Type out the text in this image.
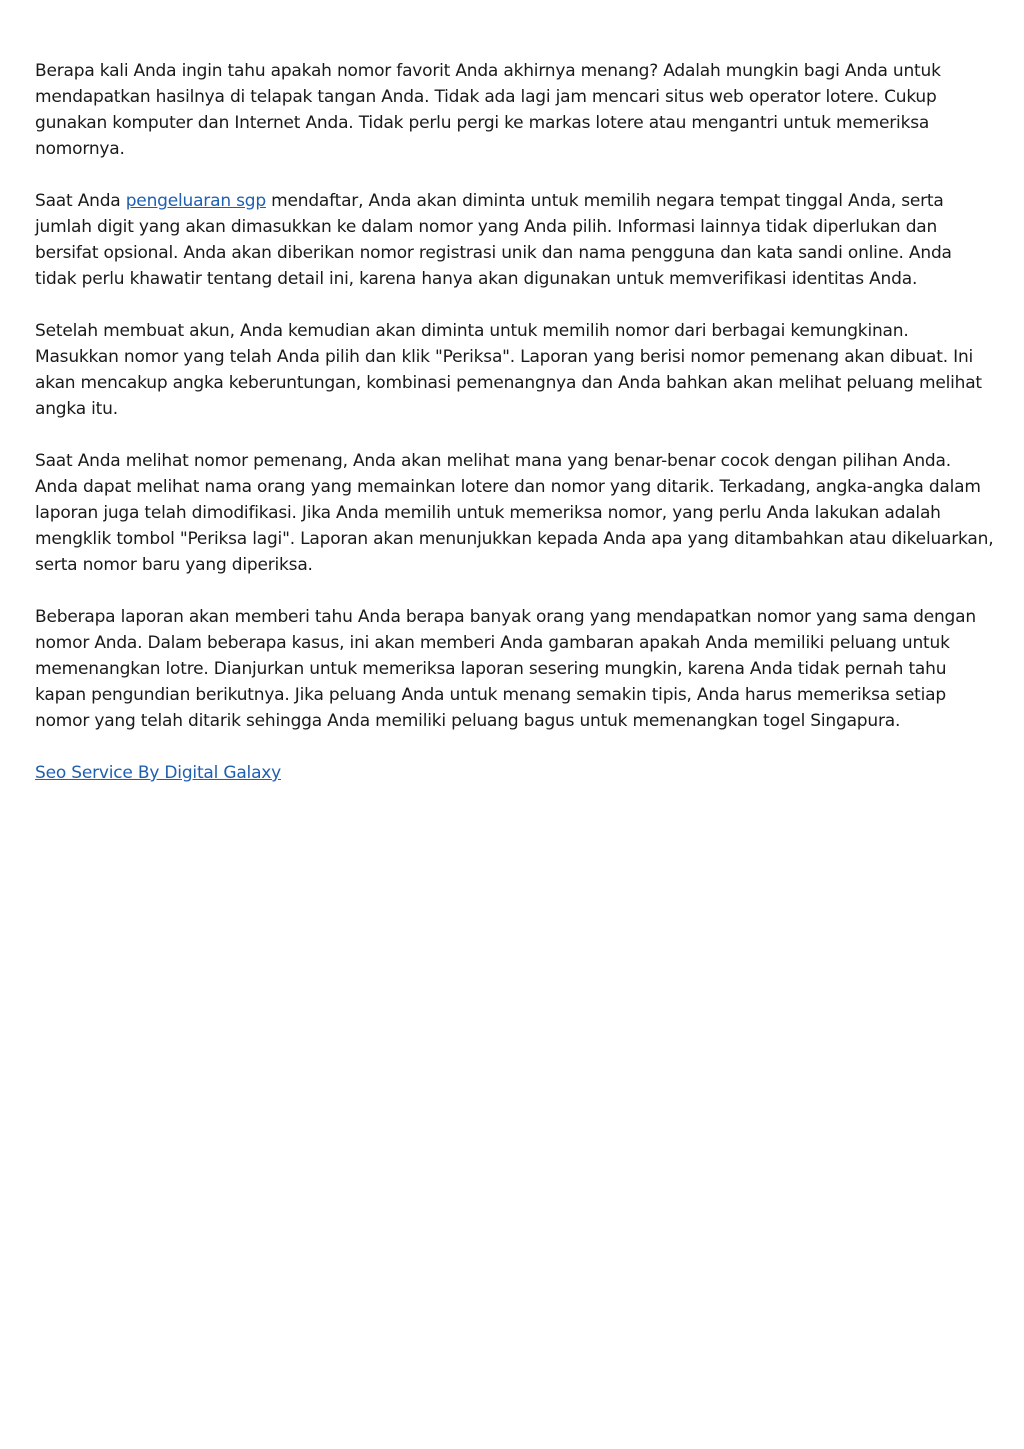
Berapa kali Anda ingin tahu apakah nomor favorit Anda akhirnya menang? Adalah mungkin bagi Anda untuk mendapatkan hasilnya di telapak tangan Anda. Tidak ada lagi jam mencari situs web operator lotere. Cukup gunakan komputer dan Internet Anda. Tidak perlu pergi ke markas lotere atau mengantri untuk memeriksa nomornya.

Saat Anda pengeluaran sgp mendaftar, Anda akan diminta untuk memilih negara tempat tinggal Anda, serta jumlah digit yang akan dimasukkan ke dalam nomor yang Anda pilih. Informasi lainnya tidak diperlukan dan bersifat opsional. Anda akan diberikan nomor registrasi unik dan nama pengguna dan kata sandi online. Anda tidak perlu khawatir tentang detail ini, karena hanya akan digunakan untuk memverifikasi identitas Anda.

Setelah membuat akun, Anda kemudian akan diminta untuk memilih nomor dari berbagai kemungkinan. Masukkan nomor yang telah Anda pilih dan klik "Periksa". Laporan yang berisi nomor pemenang akan dibuat. Ini akan mencakup angka keberuntungan, kombinasi pemenangnya dan Anda bahkan akan melihat peluang melihat angka itu.

Saat Anda melihat nomor pemenang, Anda akan melihat mana yang benar-benar cocok dengan pilihan Anda. Anda dapat melihat nama orang yang memainkan lotere dan nomor yang ditarik. Terkadang, angka-angka dalam laporan juga telah dimodifikasi. Jika Anda memilih untuk memeriksa nomor, yang perlu Anda lakukan adalah mengklik tombol "Periksa lagi". Laporan akan menunjukkan kepada Anda apa yang ditambahkan atau dikeluarkan, serta nomor baru yang diperiksa.

Beberapa laporan akan memberi tahu Anda berapa banyak orang yang mendapatkan nomor yang sama dengan nomor Anda. Dalam beberapa kasus, ini akan memberi Anda gambaran apakah Anda memiliki peluang untuk memenangkan lotre. Dianjurkan untuk memeriksa laporan sesering mungkin, karena Anda tidak pernah tahu kapan pengundian berikutnya. Jika peluang Anda untuk menang semakin tipis, Anda harus memeriksa setiap nomor yang telah ditarik sehingga Anda memiliki peluang bagus untuk memenangkan togel Singapura.

Seo Service By Digital Galaxy
